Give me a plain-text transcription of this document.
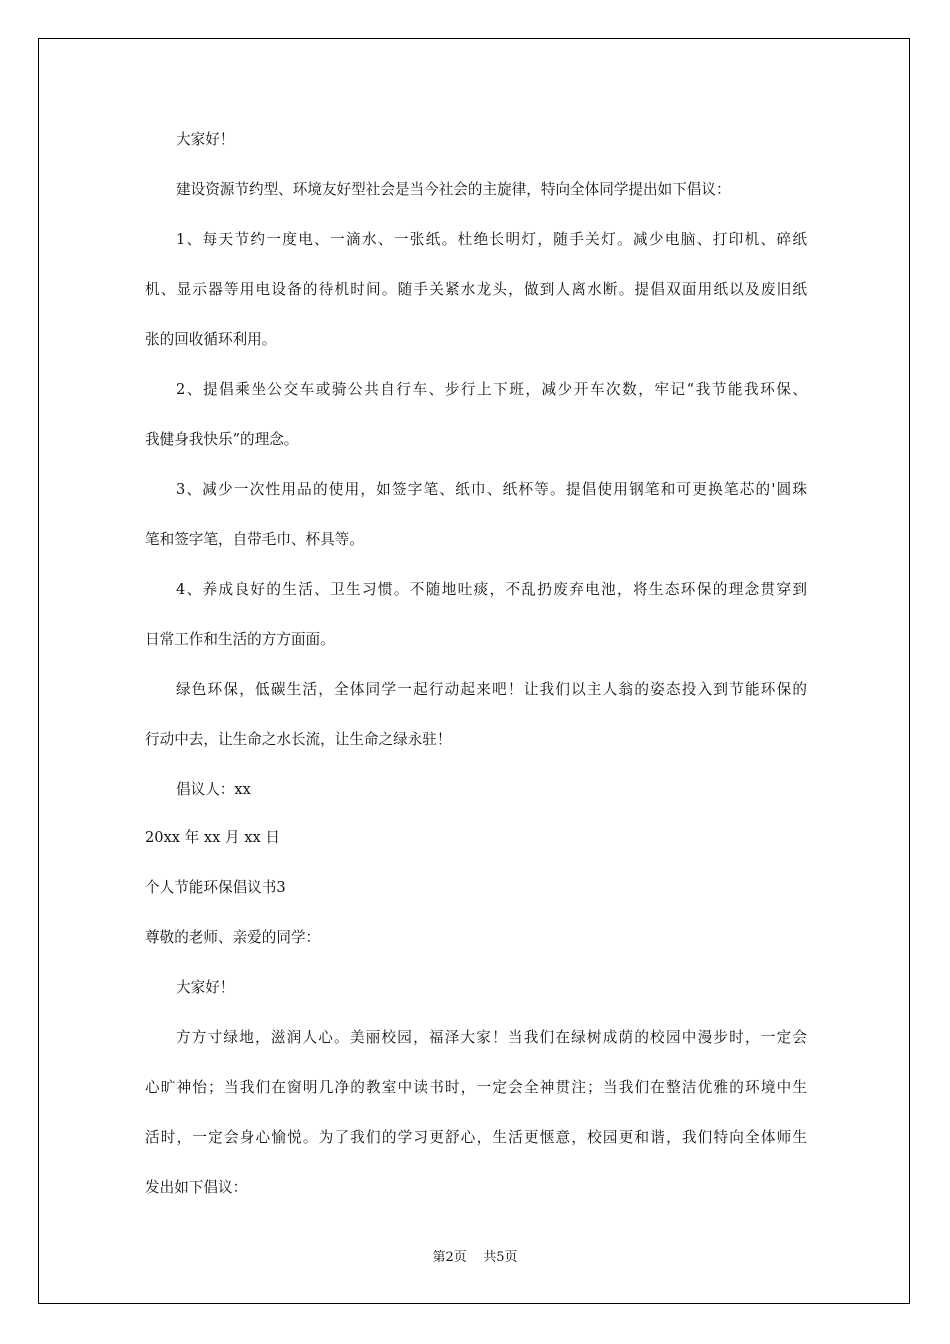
大家好！

建设资源节约型、环境友好型社会是当今社会的主旋律，特向全体同学提出如下倡议：

1、每天节约一度电、一滴水、一张纸。杜绝长明灯，随手关灯。减少电脑、打印机、碎纸

机、显示器等用电设备的待机时间。随手关紧水龙头，做到人离水断。提倡双面用纸以及废旧纸

张的回收循环利用。

2、提倡乘坐公交车或骑公共自行车、步行上下班，减少开车次数，牢记“我节能我环保、

我健身我快乐”的理念。

3、减少一次性用品的使用，如签字笔、纸巾、纸杯等。提倡使用钢笔和可更换笔芯的'圆珠

笔和签字笔，自带毛巾、杯具等。

4、养成良好的生活、卫生习惯。不随地吐痰，不乱扔废弃电池，将生态环保的理念贯穿到

日常工作和生活的方方面面。

绿色环保，低碳生活，全体同学一起行动起来吧！让我们以主人翁的姿态投入到节能环保的

行动中去，让生命之水长流，让生命之绿永驻！

倡议人：xx

20xx 年 xx 月 xx 日

个人节能环保倡议书3

尊敬的老师、亲爱的同学：

大家好！

方方寸绿地，滋润人心。美丽校园，福泽大家！当我们在绿树成荫的校园中漫步时，一定会

心旷神怡；当我们在窗明几净的教室中读书时，一定会全神贯注；当我们在整洁优雅的环境中生

活时，一定会身心愉悦。为了我们的学习更舒心，生活更惬意，校园更和谐，我们特向全体师生

发出如下倡议：

第2页 共5页
